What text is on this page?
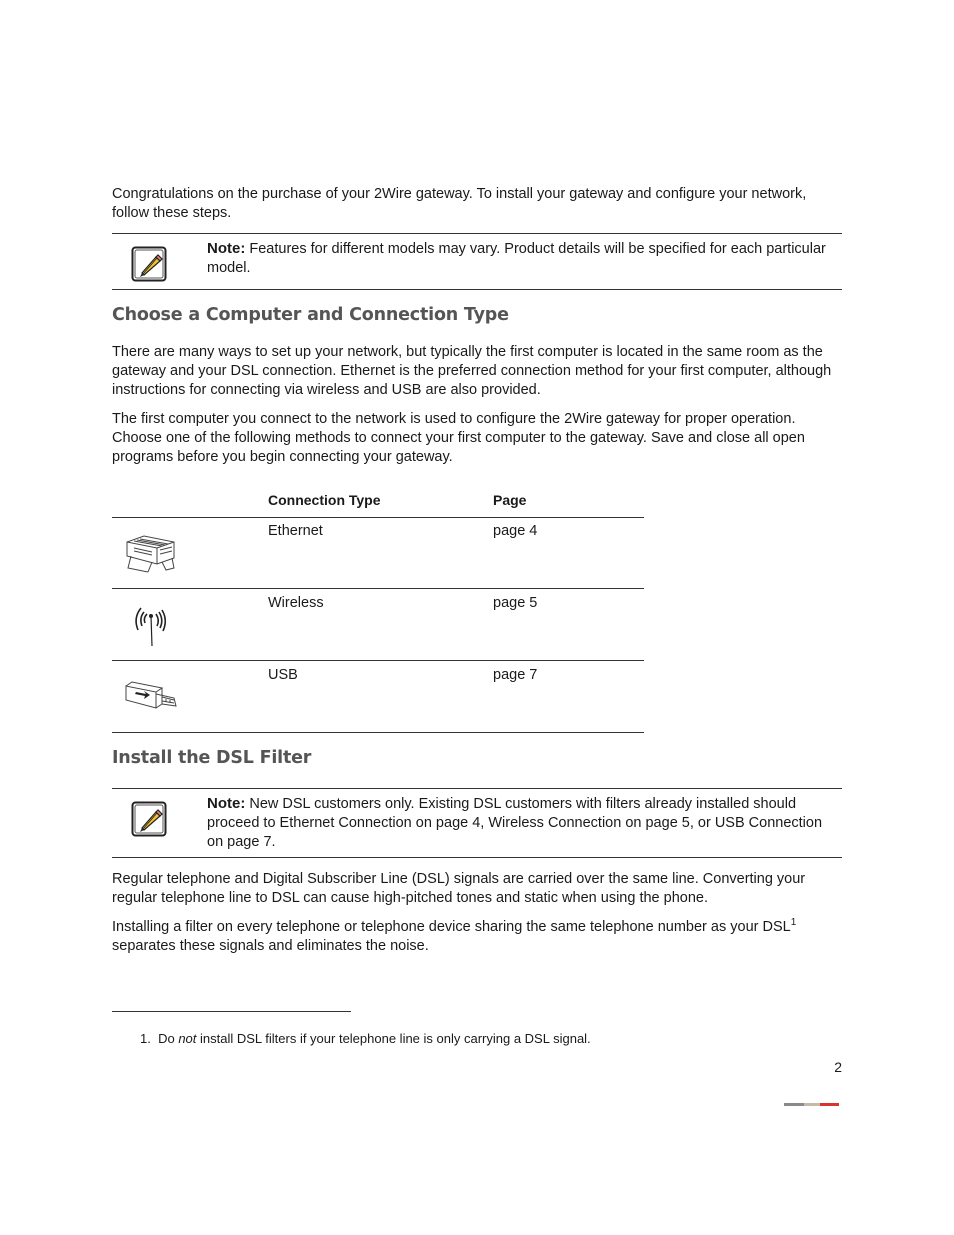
Congratulations on the purchase of your 2Wire gateway. To install your gateway and configure your network, follow these steps.

Note: Features for different models may vary. Product details will be specified for each particular model.

Choose a Computer and Connection Type

There are many ways to set up your network, but typically the first computer is located in the same room as the gateway and your DSL connection. Ethernet is the preferred connection method for your first computer, although instructions for connecting via wireless and USB are also provided.

The first computer you connect to the network is used to configure the 2Wire gateway for proper operation. Choose one of the following methods to connect your first computer to the gateway. Save and close all open programs before you begin connecting your gateway.

Connection Type	Page
Ethernet	page 4
Wireless	page 5
USB	page 7
Install the DSL Filter

Note: New DSL customers only. Existing DSL customers with filters already installed should proceed to Ethernet Connection on page 4, Wireless Connection on page 5, or USB Connection on page 7.

Regular telephone and Digital Subscriber Line (DSL) signals are carried over the same line. Converting your regular telephone line to DSL can cause high-pitched tones and static when using the phone.

Installing a filter on every telephone or telephone device sharing the same telephone number as your DSL$^1$ separates these signals and eliminates the noise.

1. Do not install DSL filters if your telephone line is only carrying a DSL signal.
2
